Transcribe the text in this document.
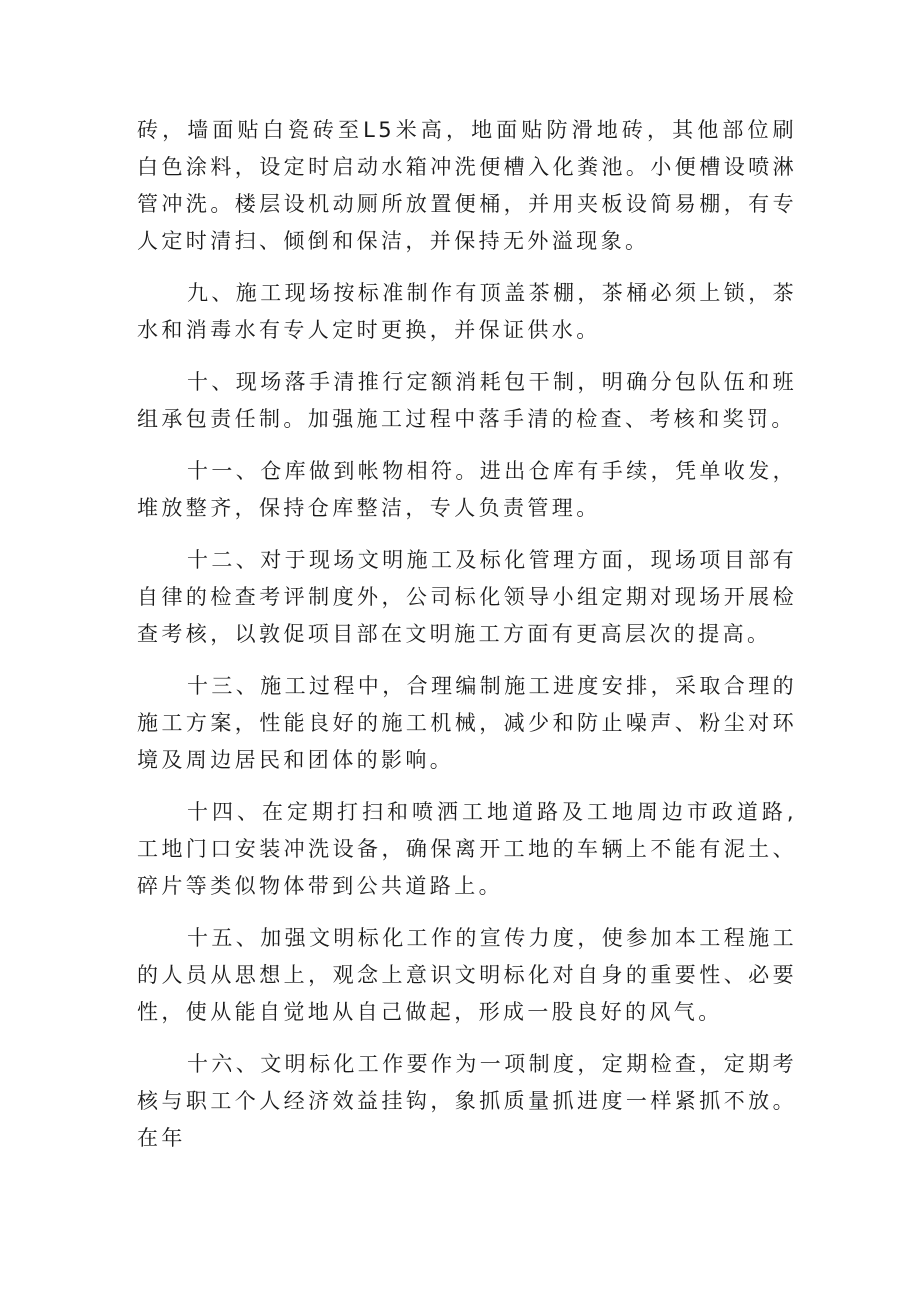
砖，墙面贴白瓷砖至L5米高，地面贴防滑地砖，其他部位刷白色涂料，设定时启动水箱冲洗便槽入化粪池。小便槽设喷淋管冲洗。楼层设机动厕所放置便桶，并用夹板设简易棚，有专人定时清扫、倾倒和保洁，并保持无外溢现象。

九、施工现场按标准制作有顶盖茶棚，茶桶必须上锁，茶水和消毒水有专人定时更换，并保证供水。

十、现场落手清推行定额消耗包干制，明确分包队伍和班组承包责任制。加强施工过程中落手清的检查、考核和奖罚。

十一、仓库做到帐物相符。进出仓库有手续，凭单收发，堆放整齐，保持仓库整洁，专人负责管理。

十二、对于现场文明施工及标化管理方面，现场项目部有自律的检查考评制度外，公司标化领导小组定期对现场开展检查考核，以敦促项目部在文明施工方面有更高层次的提高。

十三、施工过程中，合理编制施工进度安排，采取合理的施工方案，性能良好的施工机械，减少和防止噪声、粉尘对环境及周边居民和团体的影响。

十四、在定期打扫和喷洒工地道路及工地周边市政道路,工地门口安装冲洗设备，确保离开工地的车辆上不能有泥土、碎片等类似物体带到公共道路上。

十五、加强文明标化工作的宣传力度，使参加本工程施工的人员从思想上，观念上意识文明标化对自身的重要性、必要性，使从能自觉地从自己做起，形成一股良好的风气。

十六、文明标化工作要作为一项制度，定期检查，定期考核与职工个人经济效益挂钩，象抓质量抓进度一样紧抓不放。在年
